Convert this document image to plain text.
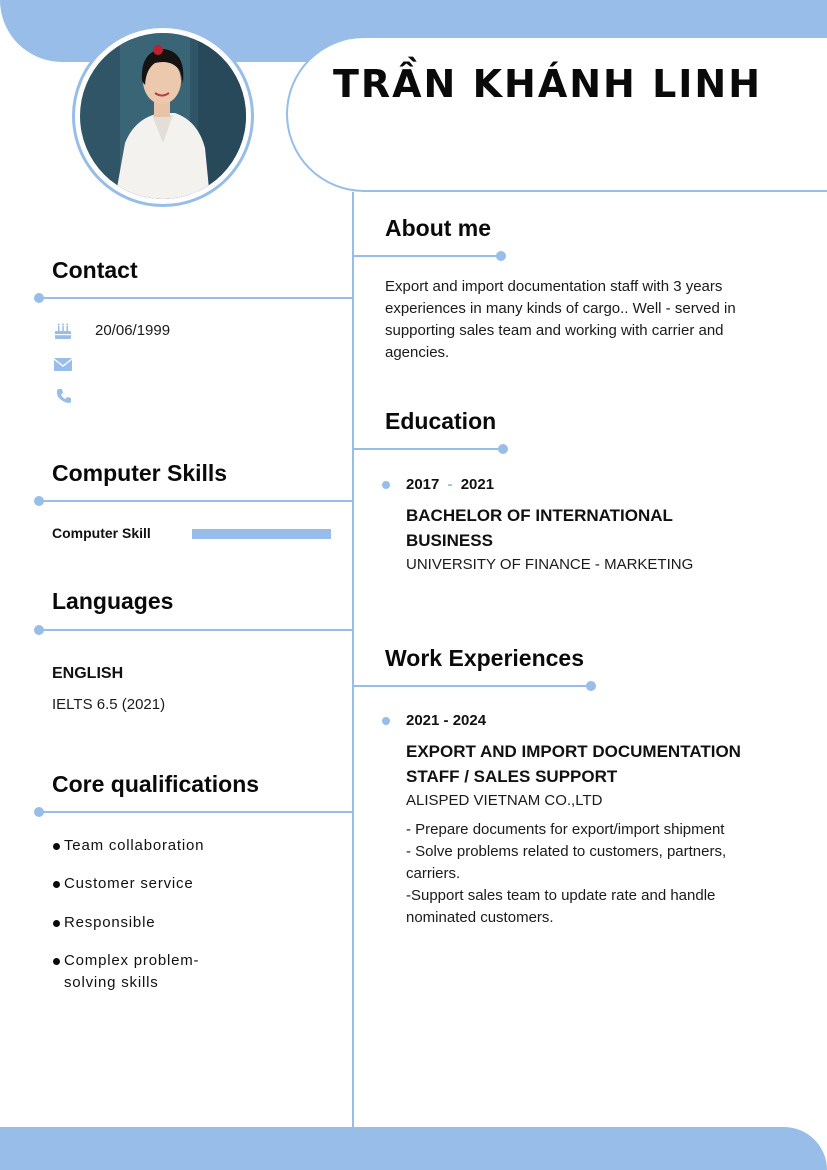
TRẦN KHÁNH LINH
Contact
20/06/1999
Computer Skills
Computer Skill
Languages
ENGLISH
IELTS 6.5 (2021)
Core qualifications
Team collaboration
Customer service
Responsible
Complex problem-
solving skills
About me
Export and import documentation staff with 3 years
experiences in many kinds of cargo.. Well - served in
supporting sales team and working with carrier and
agencies.
Education
2017 - 2021
BACHELOR OF INTERNATIONAL
BUSINESS
UNIVERSITY OF FINANCE - MARKETING
Work Experiences
2021 - 2024
EXPORT AND IMPORT DOCUMENTATION
STAFF / SALES SUPPORT
ALISPED VIETNAM CO.,LTD
- Prepare documents for export/import shipment
- Solve problems related to customers, partners,
carriers.
-Support sales team to update rate and handle
nominated customers.
